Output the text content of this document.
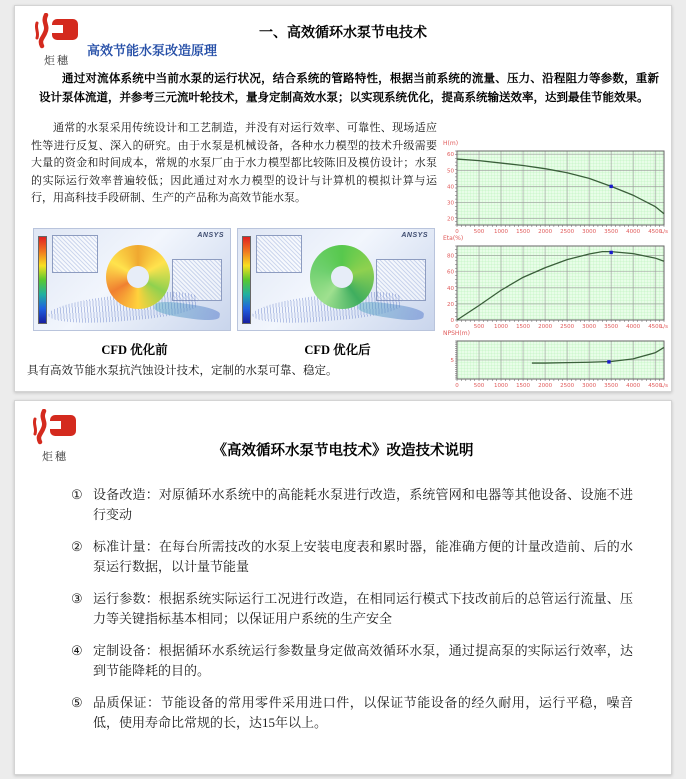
炬穗
一、高效循环水泵节电技术
高效节能水泵改造原理
通过对流体系统中当前水泵的运行状况，结合系统的管路特性，根据当前系统的流量、压力、沿程阻力等参数，重新设计泵体流道，并参考三元流叶轮技术，量身定制高效水泵；以实现系统优化，提高系统输送效率，达到最佳节能效果。
通常的水泵采用传统设计和工艺制造，并没有对运行效率、可靠性、现场适应性等进行反复、深入的研究。由于水泵是机械设备，各种水力模型的技术升级需要大量的资金和时间成本，常规的水泵厂由于水力模型都比较陈旧及模仿设计；水泵的实际运行效率普遍较低；因此通过对水力模型的设计与计算机的模拟计算与运行，用高科技手段研制、生产的产品称为高效节能水泵。
ANSYS	ANSYS
CFD 优化前	CFD 优化后
具有高效节能水泵抗汽蚀设计技术，定制的水泵可靠、稳定。
H(m)
20
30
40
50
60
0	500 1000 1500 2000 2500 3000 3500 4000 4500
L/s
Eta(%)
0
20
40
60
80
0	500 1000 1500 2000 2500 3000 3500 4000 4500
L/s
NPSH(m)
5
0	500 1000 1500 2000 2500 3000 3500 4000 4500
L/s
炬穗	《高效循环水泵节电技术》改造技术说明
① 设备改造：对原循环水系统中的高能耗水泵进行改造，系统管网和电器等其他设备、设施不进行变动
② 标准计量：在每台所需技改的水泵上安装电度表和累时器，能准确方便的计量改造前、后的水泵运行数据，以计量节能量
③ 运行参数：根据系统实际运行工况进行改造，在相同运行模式下技改前后的总管运行流量、压力等关键指标基本相同；以保证用户系统的生产安全
④ 定制设备：根据循环水系统运行参数量身定做高效循环水泵，通过提高泵的实际运行效率，达到节能降耗的目的。
⑤ 品质保证：节能设备的常用零件采用进口件，以保证节能设备的经久耐用，运行平稳，噪音低，使用寿命比常规的长，达15年以上。
